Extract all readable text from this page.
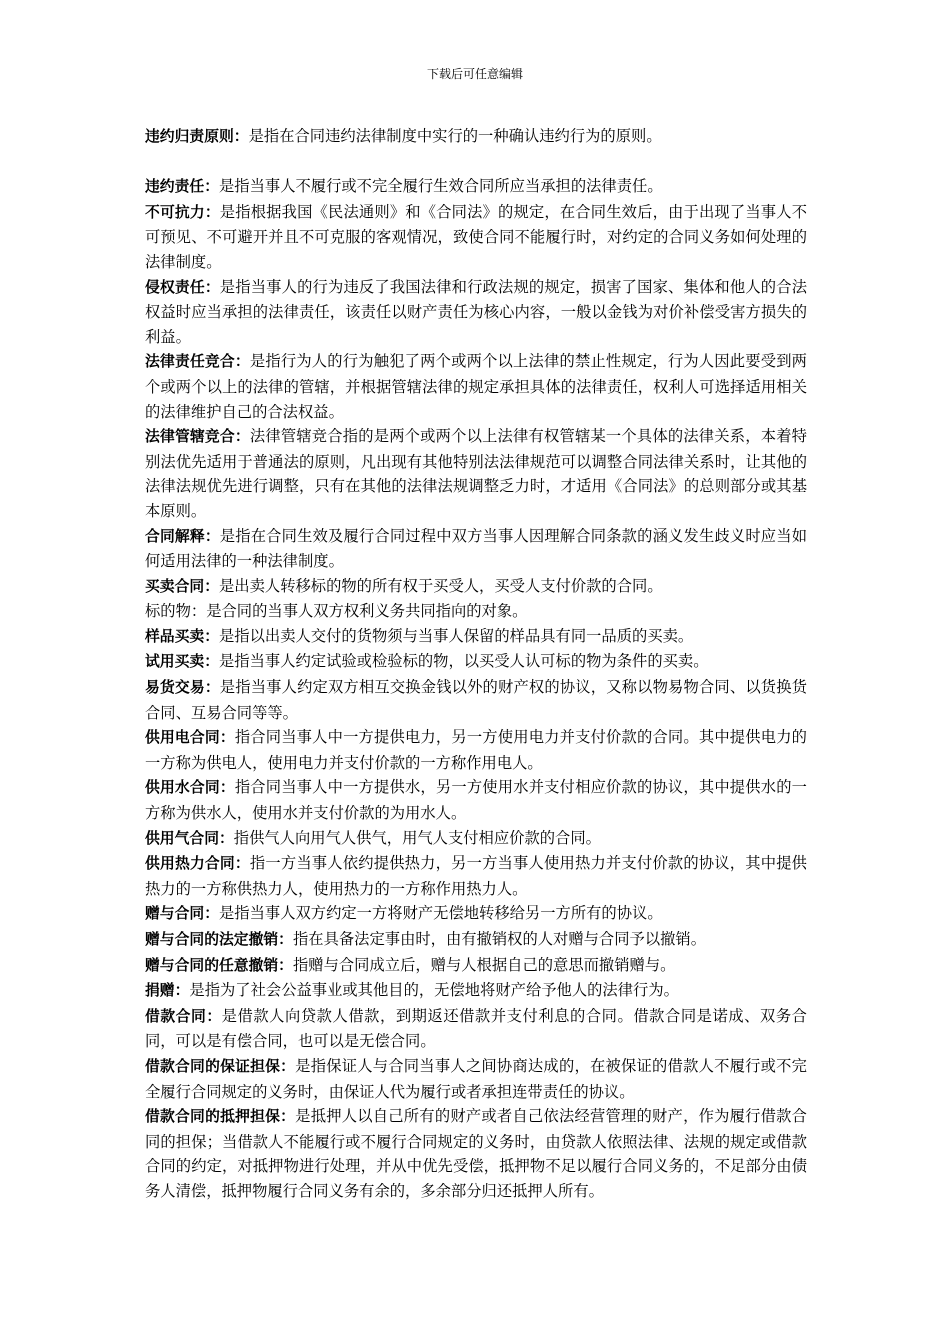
下载后可任意编辑

违约归责原则：是指在合同违约法律制度中实行的一种确认违约行为的原则。

违约责任：是指当事人不履行或不完全履行生效合同所应当承担的法律责任。

不可抗力：是指根据我国《民法通则》和《合同法》的规定，在合同生效后，由于出现了当事人不可预见、不可避开并且不可克服的客观情况，致使合同不能履行时，对约定的合同义务如何处理的法律制度。

侵权责任：是指当事人的行为违反了我国法律和行政法规的规定，损害了国家、集体和他人的合法权益时应当承担的法律责任，该责任以财产责任为核心内容，一般以金钱为对价补偿受害方损失的利益。

法律责任竞合：是指行为人的行为触犯了两个或两个以上法律的禁止性规定，行为人因此要受到两个或两个以上的法律的管辖，并根据管辖法律的规定承担具体的法律责任，权利人可选择适用相关的法律维护自己的合法权益。

法律管辖竞合：法律管辖竞合指的是两个或两个以上法律有权管辖某一个具体的法律关系，本着特别法优先适用于普通法的原则，凡出现有其他特别法法律规范可以调整合同法律关系时，让其他的法律法规优先进行调整，只有在其他的法律法规调整乏力时，才适用《合同法》的总则部分或其基本原则。

合同解释：是指在合同生效及履行合同过程中双方当事人因理解合同条款的涵义发生歧义时应当如何适用法律的一种法律制度。

买卖合同：是出卖人转移标的物的所有权于买受人，买受人支付价款的合同。

标的物：是合同的当事人双方权利义务共同指向的对象。

样品买卖：是指以出卖人交付的货物须与当事人保留的样品具有同一品质的买卖。

试用买卖：是指当事人约定试验或检验标的物，以买受人认可标的物为条件的买卖。

易货交易：是指当事人约定双方相互交换金钱以外的财产权的协议，又称以物易物合同、以货换货合同、互易合同等等。

供用电合同：指合同当事人中一方提供电力，另一方使用电力并支付价款的合同。其中提供电力的一方称为供电人，使用电力并支付价款的一方称作用电人。

供用水合同：指合同当事人中一方提供水，另一方使用水并支付相应价款的协议，其中提供水的一方称为供水人，使用水并支付价款的为用水人。

供用气合同：指供气人向用气人供气，用气人支付相应价款的合同。

供用热力合同：指一方当事人依约提供热力，另一方当事人使用热力并支付价款的协议，其中提供热力的一方称供热力人，使用热力的一方称作用热力人。

赠与合同：是指当事人双方约定一方将财产无偿地转移给另一方所有的协议。

赠与合同的法定撤销：指在具备法定事由时，由有撤销权的人对赠与合同予以撤销。

赠与合同的任意撤销：指赠与合同成立后，赠与人根据自己的意思而撤销赠与。

捐赠：是指为了社会公益事业或其他目的，无偿地将财产给予他人的法律行为。

借款合同：是借款人向贷款人借款，到期返还借款并支付利息的合同。借款合同是诺成、双务合同，可以是有偿合同，也可以是无偿合同。

借款合同的保证担保：是指保证人与合同当事人之间协商达成的，在被保证的借款人不履行或不完全履行合同规定的义务时，由保证人代为履行或者承担连带责任的协议。

借款合同的抵押担保：是抵押人以自己所有的财产或者自己依法经营管理的财产，作为履行借款合同的担保；当借款人不能履行或不履行合同规定的义务时，由贷款人依照法律、法规的规定或借款合同的约定，对抵押物进行处理，并从中优先受偿，抵押物不足以履行合同义务的，不足部分由债务人清偿，抵押物履行合同义务有余的，多余部分归还抵押人所有。
